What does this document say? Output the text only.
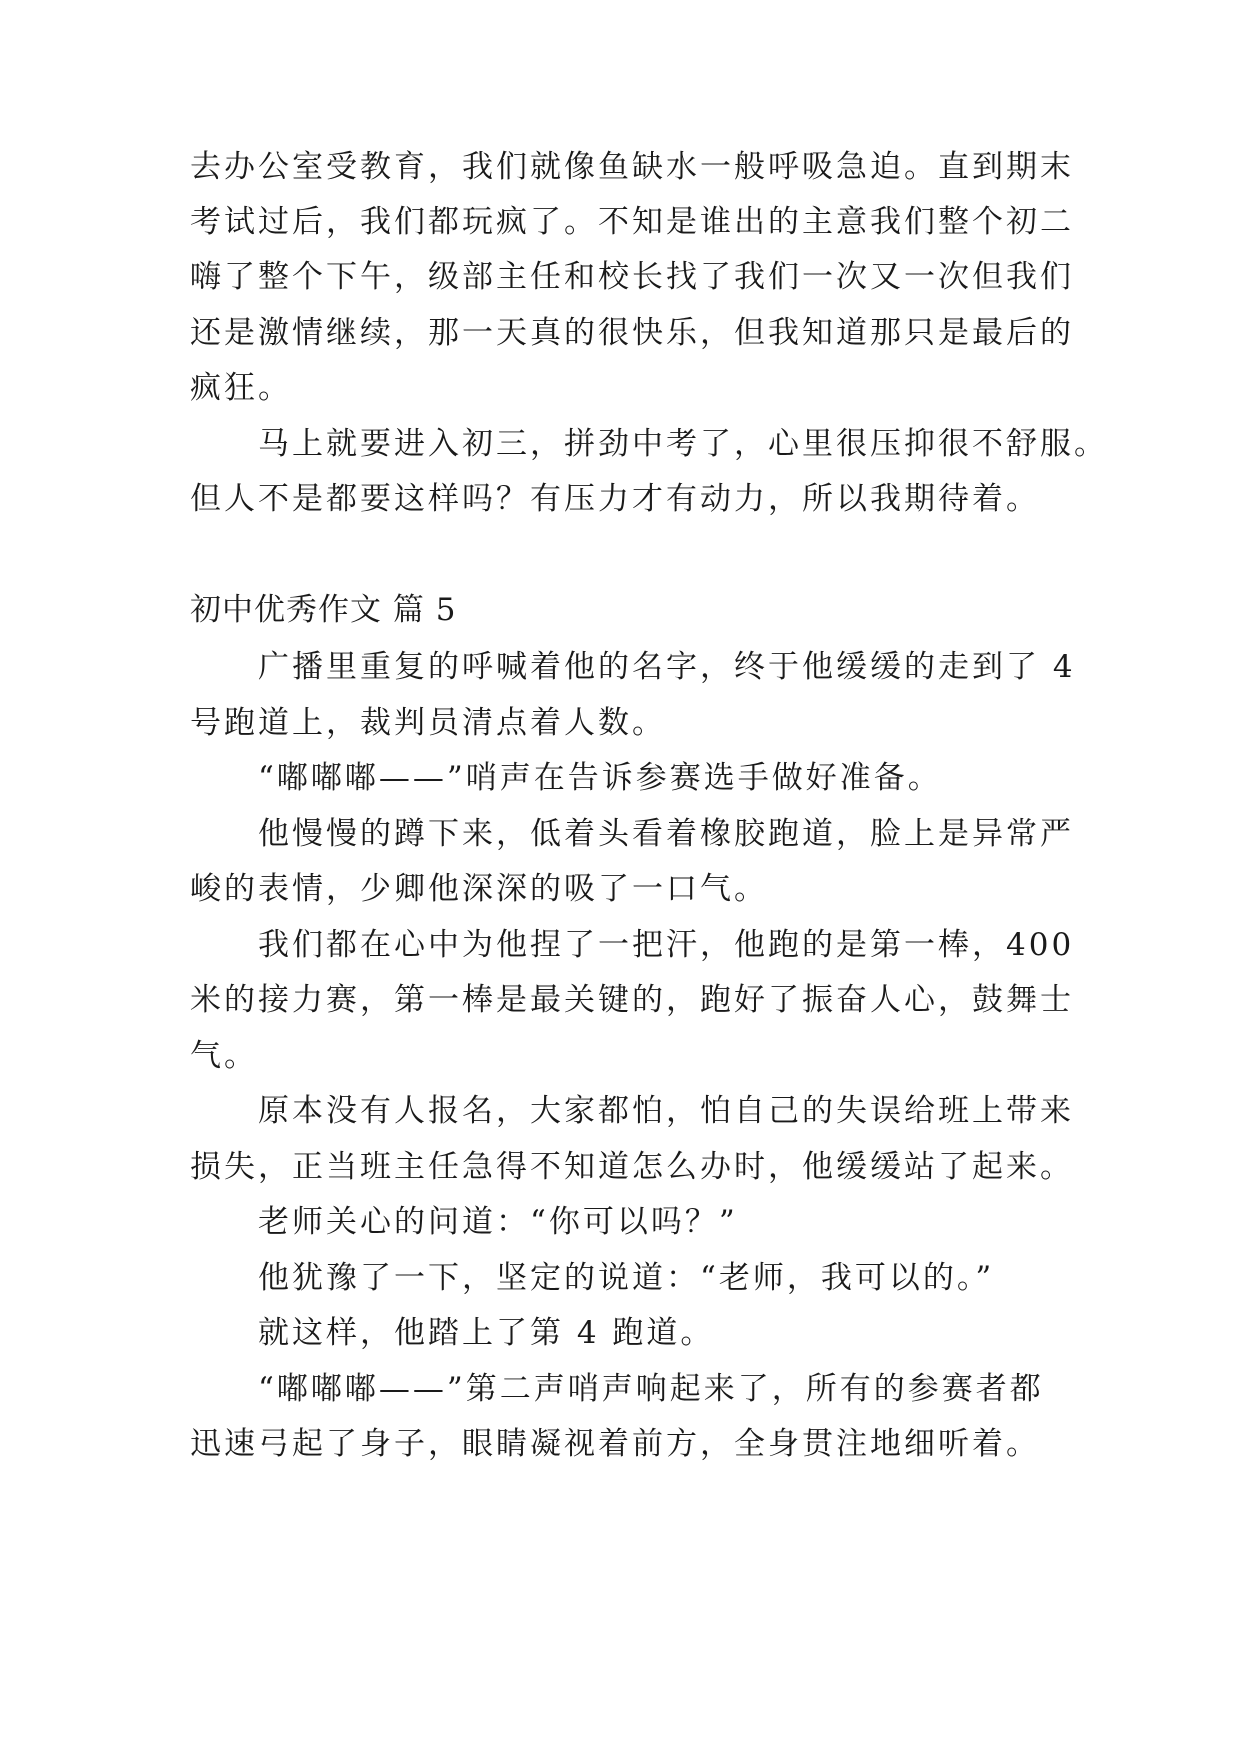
去办公室受教育，我们就像鱼缺水一般呼吸急迫。直到期末
考试过后，我们都玩疯了。不知是谁出的主意我们整个初二
嗨了整个下午，级部主任和校长找了我们一次又一次但我们
还是激情继续，那一天真的很快乐，但我知道那只是最后的
疯狂。
马上就要进入初三，拼劲中考了，心里很压抑很不舒服。
但人不是都要这样吗？有压力才有动力，所以我期待着。
初中优秀作文 篇 5
广播里重复的呼喊着他的名字，终于他缓缓的走到了 4
号跑道上，裁判员清点着人数。
“嘟嘟嘟——”哨声在告诉参赛选手做好准备。
他慢慢的蹲下来，低着头看着橡胶跑道，脸上是异常严
峻的表情，少卿他深深的吸了一口气。
我们都在心中为他捏了一把汗，他跑的是第一棒，400
米的接力赛，第一棒是最关键的，跑好了振奋人心，鼓舞士
气。
原本没有人报名，大家都怕，怕自己的失误给班上带来
损失，正当班主任急得不知道怎么办时，他缓缓站了起来。
老师关心的问道：“你可以吗？”
他犹豫了一下，坚定的说道：“老师，我可以的。”
就这样，他踏上了第 4 跑道。
“嘟嘟嘟——”第二声哨声响起来了，所有的参赛者都
迅速弓起了身子，眼睛凝视着前方，全身贯注地细听着。
